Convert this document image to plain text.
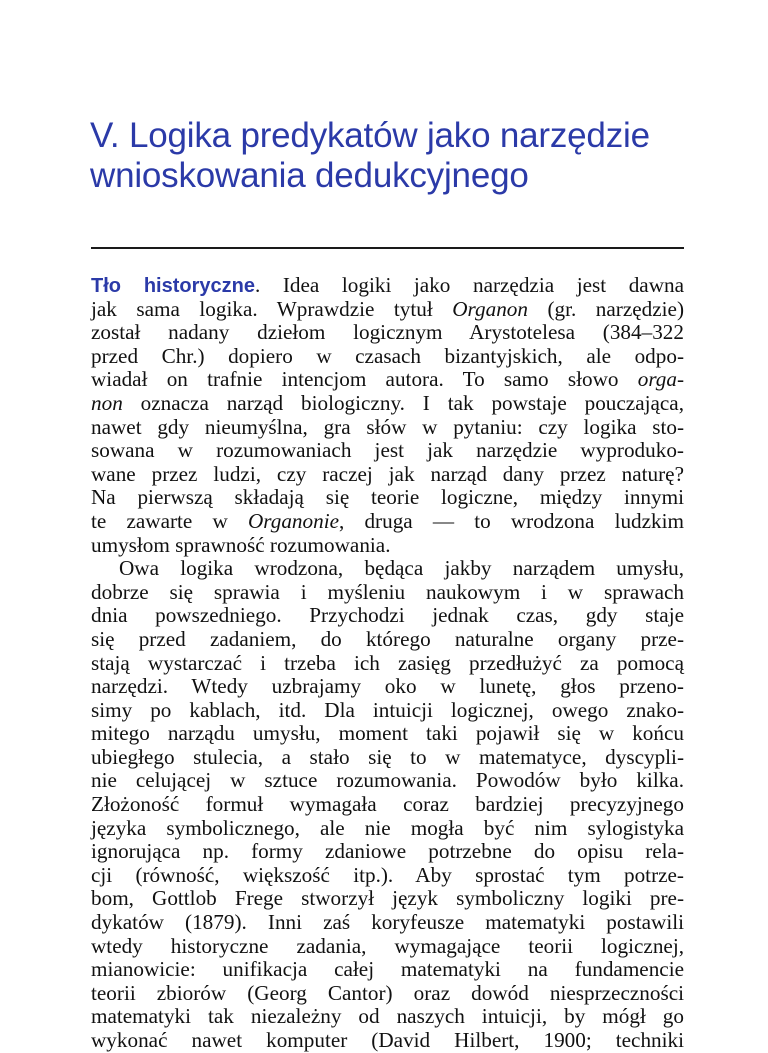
V. Logika predykatów jako narzędzie
wnioskowania dedukcyjnego
Tło historyczne. Idea logiki jako narzędzia jest dawna
jak sama logika. Wprawdzie tytuł Organon (gr. narzędzie)
został nadany dziełom logicznym Arystotelesa (384–322
przed Chr.) dopiero w czasach bizantyjskich, ale odpo-
wiadał on trafnie intencjom autora. To samo słowo orga-
non oznacza narząd biologiczny. I tak powstaje pouczająca,
nawet gdy nieumyślna, gra słów w pytaniu: czy logika sto-
sowana w rozumowaniach jest jak narzędzie wyproduko-
wane przez ludzi, czy raczej jak narząd dany przez naturę?
Na pierwszą składają się teorie logiczne, między innymi
te zawarte w Organonie, druga — to wrodzona ludzkim
umysłom sprawność rozumowania.
Owa logika wrodzona, będąca jakby narządem umysłu,
dobrze się sprawia i myśleniu naukowym i w sprawach
dnia powszedniego. Przychodzi jednak czas, gdy staje
się przed zadaniem, do którego naturalne organy prze-
stają wystarczać i trzeba ich zasięg przedłużyć za pomocą
narzędzi. Wtedy uzbrajamy oko w lunetę, głos przeno-
simy po kablach, itd. Dla intuicji logicznej, owego znako-
mitego narządu umysłu, moment taki pojawił się w końcu
ubiegłego stulecia, a stało się to w matematyce, dyscypli-
nie celującej w sztuce rozumowania. Powodów było kilka.
Złożoność formuł wymagała coraz bardziej precyzyjnego
języka symbolicznego, ale nie mogła być nim sylogistyka
ignorująca np. formy zdaniowe potrzebne do opisu rela-
cji (równość, większość itp.). Aby sprostać tym potrze-
bom, Gottlob Frege stworzył język symboliczny logiki pre-
dykatów (1879). Inni zaś koryfeusze matematyki postawili
wtedy historyczne zadania, wymagające teorii logicznej,
mianowicie: unifikacja całej matematyki na fundamencie
teorii zbiorów (Georg Cantor) oraz dowód niesprzeczności
matematyki tak niezależny od naszych intuicji, by mógł go
wykonać nawet komputer (David Hilbert, 1900; techniki
